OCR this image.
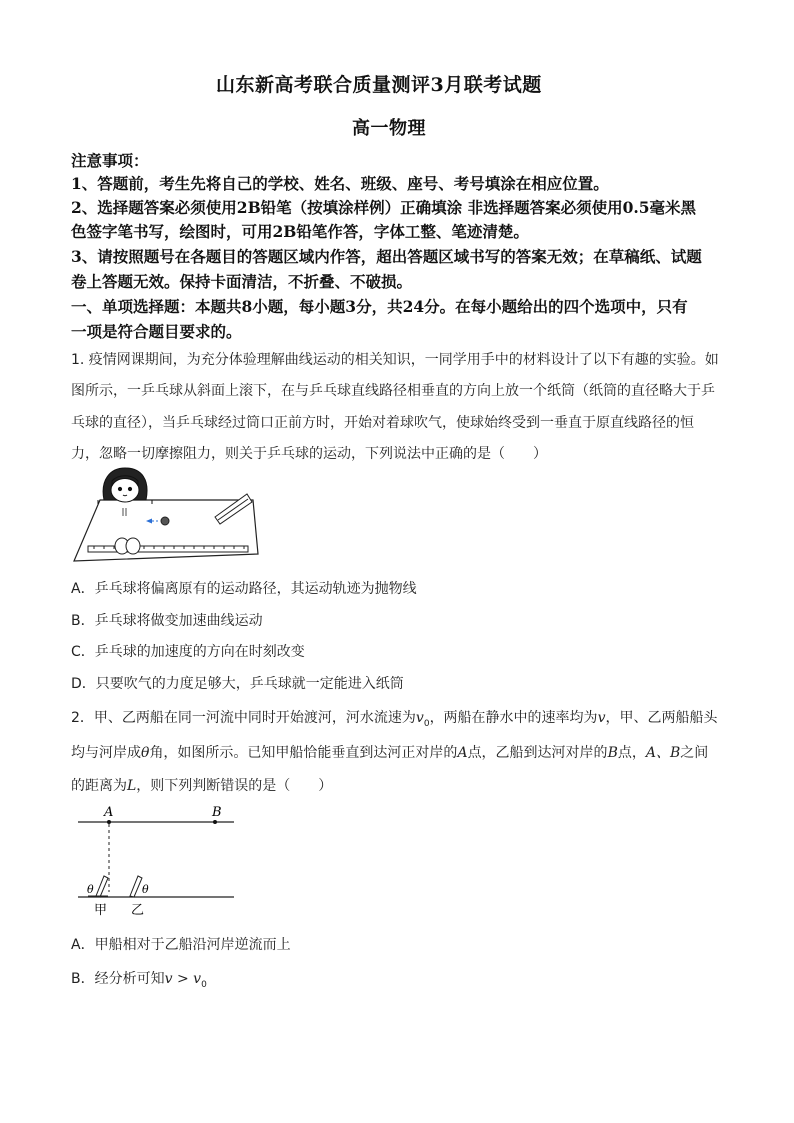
山东新高考联合质量测评3月联考试题
高一物理
注意事项：
1、答题前，考生先将自己的学校、姓名、班级、座号、考号填涂在相应位置。
2、选择题答案必须使用2B铅笔（按填涂样例）正确填涂 非选择题答案必须使用0.5毫米黑
色签字笔书写，绘图时，可用2B铅笔作答，字体工整、笔迹清楚。
3、请按照题号在各题目的答题区域内作答，超出答题区域书写的答案无效；在草稿纸、试题
卷上答题无效。保持卡面清洁，不折叠、不破损。
一、单项选择题：本题共8小题，每小题3分，共24分。在每小题给出的四个选项中，只有
一项是符合题目要求的。
1. 疫情网课期间，为充分体验理解曲线运动的相关知识，一同学用手中的材料设计了以下有趣的实验。如
图所示，一乒乓球从斜面上滚下，在与乒乓球直线路径相垂直的方向上放一个纸筒（纸筒的直径略大于乒
乓球的直径），当乒乓球经过筒口正前方时，开始对着球吹气，使球始终受到一垂直于原直线路径的恒
力，忽略一切摩擦阻力，则关于乒乓球的运动，下列说法中正确的是（　　）
A．乒乓球将偏离原有的运动路径，其运动轨迹为抛物线
B．乒乓球将做变加速曲线运动
C．乒乓球的加速度的方向在时刻改变
D．只要吹气的力度足够大，乒乓球就一定能进入纸筒
2．甲、乙两船在同一河流中同时开始渡河，河水流速为$v_0$，两船在静水中的速率均为v，甲、乙两船船头
均与河岸成θ角，如图所示。已知甲船恰能垂直到达河正对岸的A点，乙船到达河对岸的B点，A、B之间
的距离为L，则下列判断错误的是（　　）
A	B
θ	θ
甲 乙
A．甲船相对于乙船沿河岸逆流而上
B．经分析可知$v > v_0$
